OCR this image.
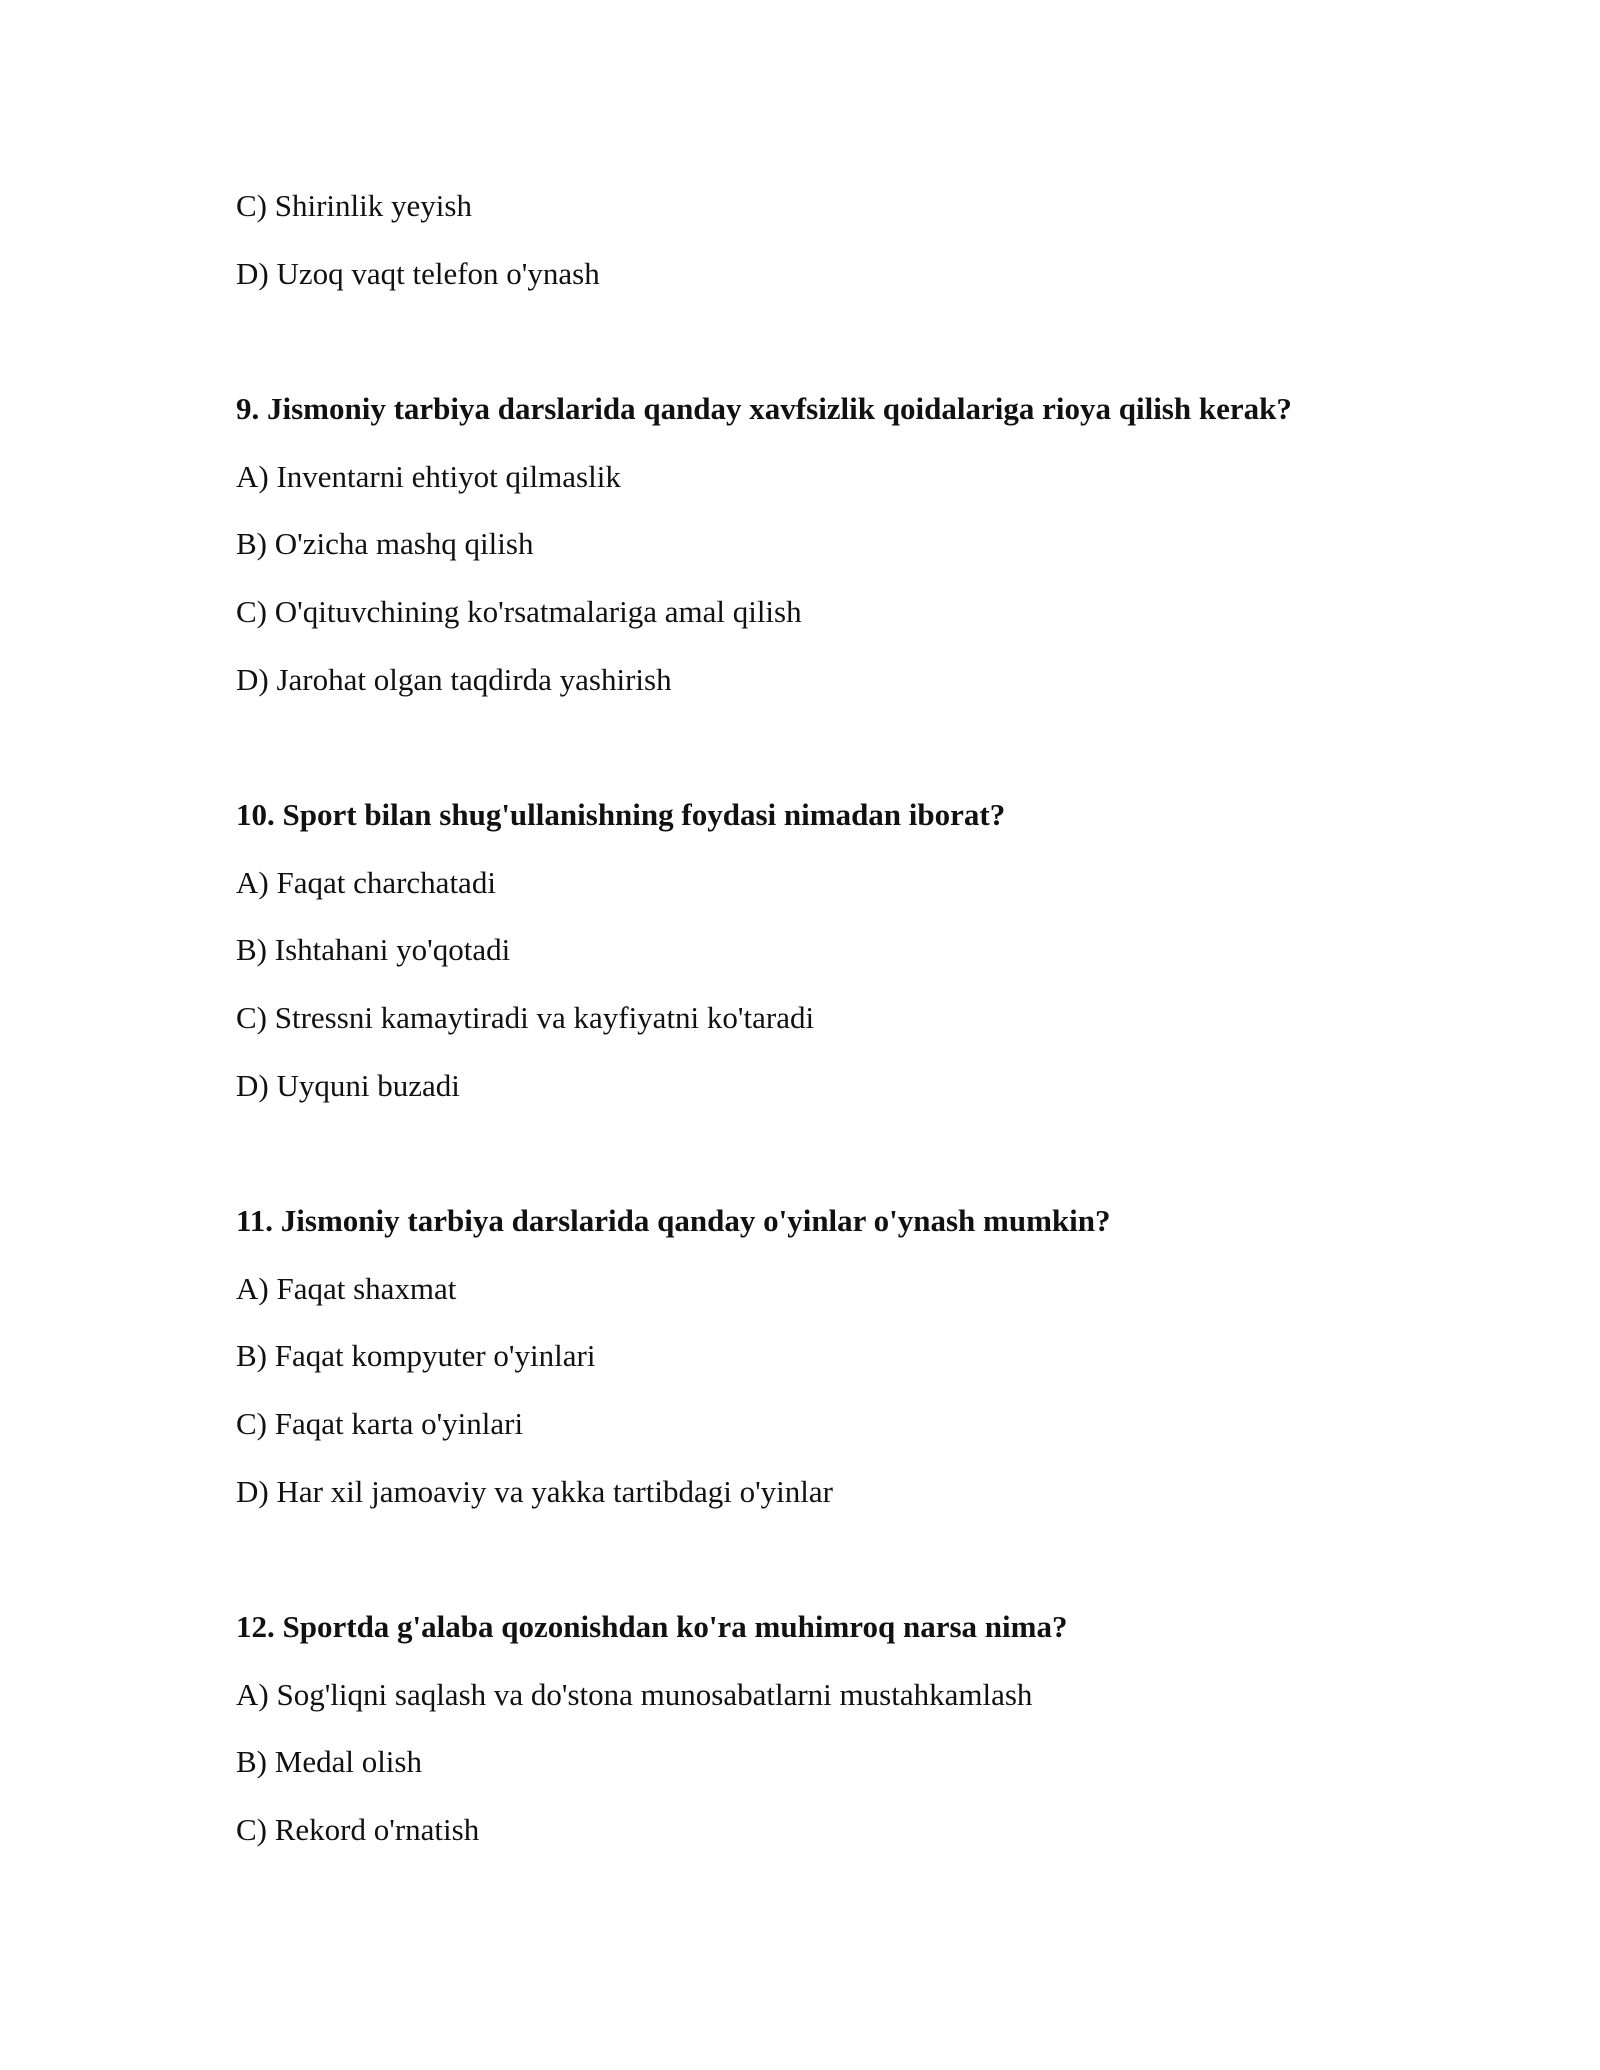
C) Shirinlik yeyish
D) Uzoq vaqt telefon o'ynash
9. Jismoniy tarbiya darslarida qanday xavfsizlik qoidalariga rioya qilish kerak?
A) Inventarni ehtiyot qilmaslik
B) O'zicha mashq qilish
C) O'qituvchining ko'rsatmalariga amal qilish
D) Jarohat olgan taqdirda yashirish
10. Sport bilan shug'ullanishning foydasi nimadan iborat?
A) Faqat charchatadi
B) Ishtahani yo'qotadi
C) Stressni kamaytiradi va kayfiyatni ko'taradi
D) Uyquni buzadi
11. Jismoniy tarbiya darslarida qanday o'yinlar o'ynash mumkin?
A) Faqat shaxmat
B) Faqat kompyuter o'yinlari
C) Faqat karta o'yinlari
D) Har xil jamoaviy va yakka tartibdagi o'yinlar
12. Sportda g'alaba qozonishdan ko'ra muhimroq narsa nima?
A) Sog'liqni saqlash va do'stona munosabatlarni mustahkamlash
B) Medal olish
C) Rekord o'rnatish
